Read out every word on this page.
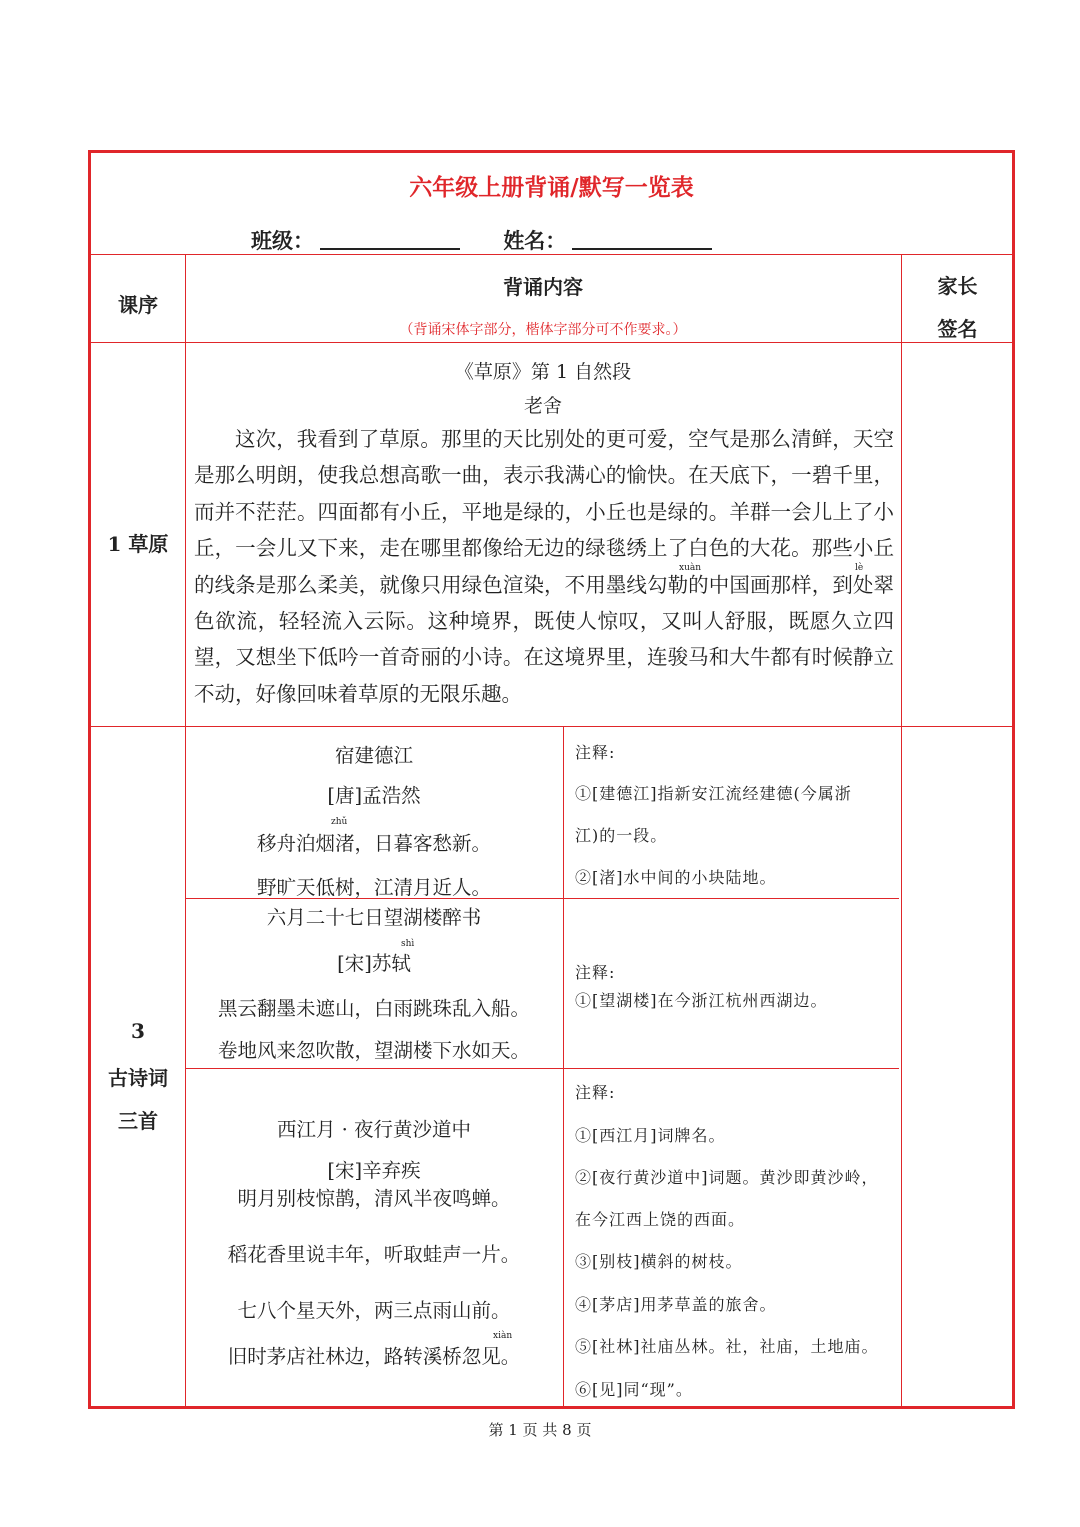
六年级上册背诵/默写一览表
班级：	姓名：
课序
背诵内容
（背诵宋体字部分，楷体字部分可不作要求。）
家长
签名
1 草原
《草原》第 1 自然段
老舍

这次，我看到了草原。那里的天比别处的更可爱，空气是那么清鲜，天空是那么明朗，使我总想高歌一曲，表示我满心的愉快。在天底下，一碧千里，而并不茫茫。四面都有小丘，平地是绿的，小丘也是绿的。羊群一会儿上了小丘，一会儿又下来，走在哪里都像给无边的绿毯绣上了白色的大花。那些小丘的线条是那么柔美，就像只用绿色渲染，不用墨线勾勒的中国画那样，到处翠色欲流，轻轻流入云际。这种境界，既使人惊叹，又叫人舒服，既愿久立四望，又想坐下低吟一首奇丽的小诗。在这境界里，连骏马和大牛都有时候静立不动，好像回味着草原的无限乐趣。

xuàn	lè
3
古诗词
三首
宿建德江
[唐]孟浩然
zhǔ
移舟泊烟渚，日暮客愁新。
野旷天低树，江清月近人。
注释:
①[建德江]指新安江流经建德(今属浙
江)的一段。
②[渚]水中间的小块陆地。
六月二十七日望湖楼醉书
shì
[宋]苏轼
黑云翻墨未遮山，白雨跳珠乱入船。
卷地风来忽吹散，望湖楼下水如天。
注释:
①[望湖楼]在今浙江杭州西湖边。
西江月 · 夜行黄沙道中
[宋]辛弃疾
明月别枝惊鹊，清风半夜鸣蝉。
稻花香里说丰年，听取蛙声一片。
七八个星天外，两三点雨山前。
xiàn
旧时茅店社林边，路转溪桥忽见。
注释:
①[西江月]词牌名。
②[夜行黄沙道中]词题。黄沙即黄沙岭，
在今江西上饶的西面。
③[别枝]横斜的树枝。
④[茅店]用茅草盖的旅舍。
⑤[社林]社庙丛林。社，社庙，土地庙。
⑥[见]同“现”。
第 1 页 共 8 页
